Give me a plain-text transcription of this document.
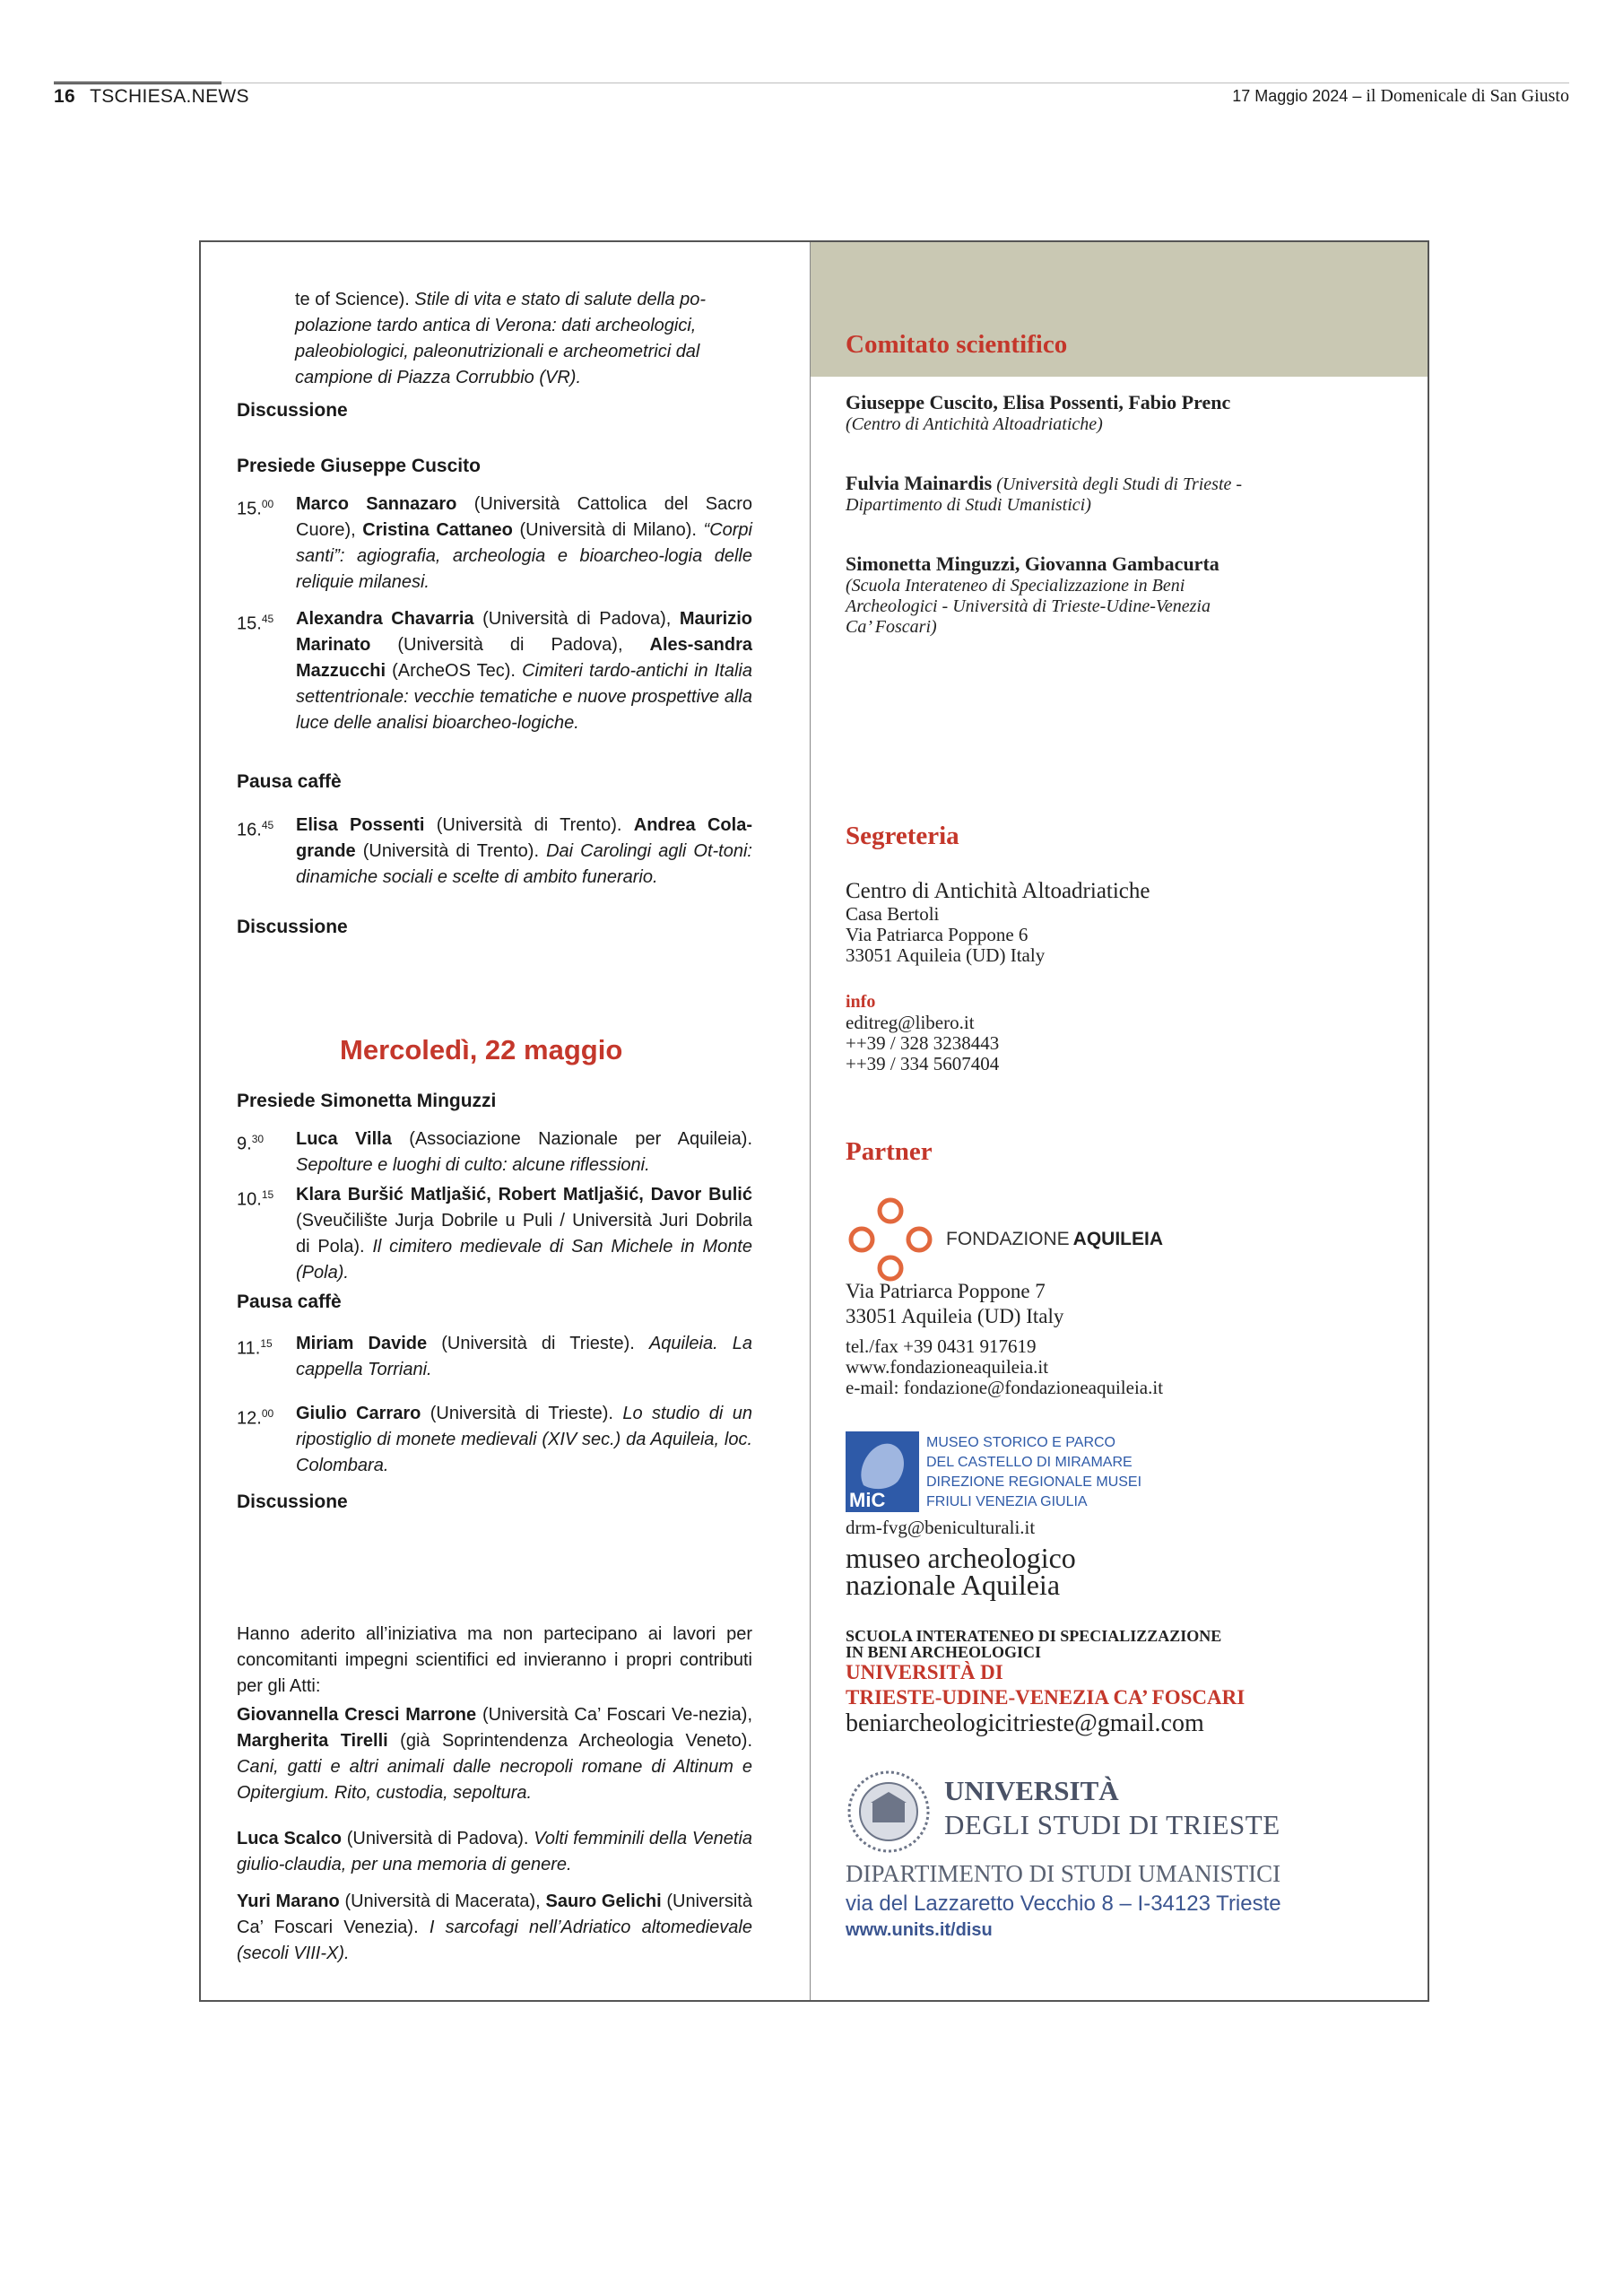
16 TSCHIESA.NEWS	17 Maggio 2024 – il Domenicale di San Giusto
te of Science). Stile di vita e stato di salute della po-
polazione tardo antica di Verona: dati archeologici,
paleobiologici, paleonutrizionali e archeometrici dal
campione di Piazza Corrubbio (VR).
Discussione
Presiede Giuseppe Cuscito
15.00	Marco Sannazaro (Università Cattolica del Sacro Cuore), Cristina Cattaneo (Università di Milano). “Corpi santi”: agiografia, archeologia e bioarcheo-logia delle reliquie milanesi.
15.45	Alexandra Chavarria (Università di Padova), Maurizio Marinato (Università di Padova), Ales-sandra Mazzucchi (ArcheOS Tec). Cimiteri tardo-antichi in Italia settentrionale: vecchie tematiche e nuove prospettive alla luce delle analisi bioarcheo-logiche.
Pausa caffè
16.45	Elisa Possenti (Università di Trento). Andrea Cola-grande (Università di Trento). Dai Carolingi agli Ot-toni: dinamiche sociali e scelte di ambito funerario.
Discussione
Mercoledì, 22 maggio
Presiede Simonetta Minguzzi
9.30	Luca Villa (Associazione Nazionale per Aquileia). Sepolture e luoghi di culto: alcune riflessioni.
10.15	Klara Buršić Matljašić, Robert Matljašić, Davor Bulić (Sveučilište Jurja Dobrile u Puli / Università Juri Dobrila di Pola). Il cimitero medievale di San Michele in Monte (Pola).
Pausa caffè
11.15	Miriam Davide (Università di Trieste). Aquileia. La cappella Torriani.
12.00	Giulio Carraro (Università di Trieste). Lo studio di un ripostiglio di monete medievali (XIV sec.) da Aquileia, loc. Colombara.
Discussione
Hanno aderito all’iniziativa ma non partecipano ai lavori per concomitanti impegni scientifici ed invieranno i propri contributi per gli Atti:
Giovannella Cresci Marrone (Università Ca’ Foscari Ve-nezia), Margherita Tirelli (già Soprintendenza Archeologia Veneto). Cani, gatti e altri animali dalle necropoli romane di Altinum e Opitergium. Rito, custodia, sepoltura.
Luca Scalco (Università di Padova). Volti femminili della Venetia giulio-claudia, per una memoria di genere.
Yuri Marano (Università di Macerata), Sauro Gelichi (Università Ca’ Foscari Venezia). I sarcofagi nell’Adriatico altomedievale (secoli VIII-X).
Comitato scientifico
Giuseppe Cuscito, Elisa Possenti, Fabio Prenc
(Centro di Antichità Altoadriatiche)
Fulvia Mainardis (Università degli Studi di Trieste -
Dipartimento di Studi Umanistici)
Simonetta Minguzzi, Giovanna Gambacurta
(Scuola Interateneo di Specializzazione in Beni
Archeologici - Università di Trieste-Udine-Venezia
Ca’ Foscari)
Segreteria
Centro di Antichità Altoadriatiche
Casa Bertoli
Via Patriarca Poppone 6
33051 Aquileia (UD) Italy
info
editreg@libero.it
++39 / 328 3238443
++39 / 334 5607404
Partner
FONDAZIONE AQUILEIA
Via Patriarca Poppone 7
33051 Aquileia (UD) Italy
tel./fax +39 0431 917619
www.fondazioneaquileia.it
e-mail: fondazione@fondazioneaquileia.it
MiC
MUSEO STORICO E PARCO
DEL CASTELLO DI MIRAMARE
DIREZIONE REGIONALE MUSEI
FRIULI VENEZIA GIULIA
drm-fvg@beniculturali.it
museo archeologico
nazionale Aquileia
SCUOLA INTERATENEO DI SPECIALIZZAZIONE
IN BENI ARCHEOLOGICI
UNIVERSITÀ DI
TRIESTE-UDINE-VENEZIA CA’ FOSCARI
beniarcheologicitrieste@gmail.com
UNIVERSITÀ
DEGLI STUDI DI TRIESTE
DIPARTIMENTO DI STUDI UMANISTICI
via del Lazzaretto Vecchio 8 – I-34123 Trieste
www.units.it/disu
